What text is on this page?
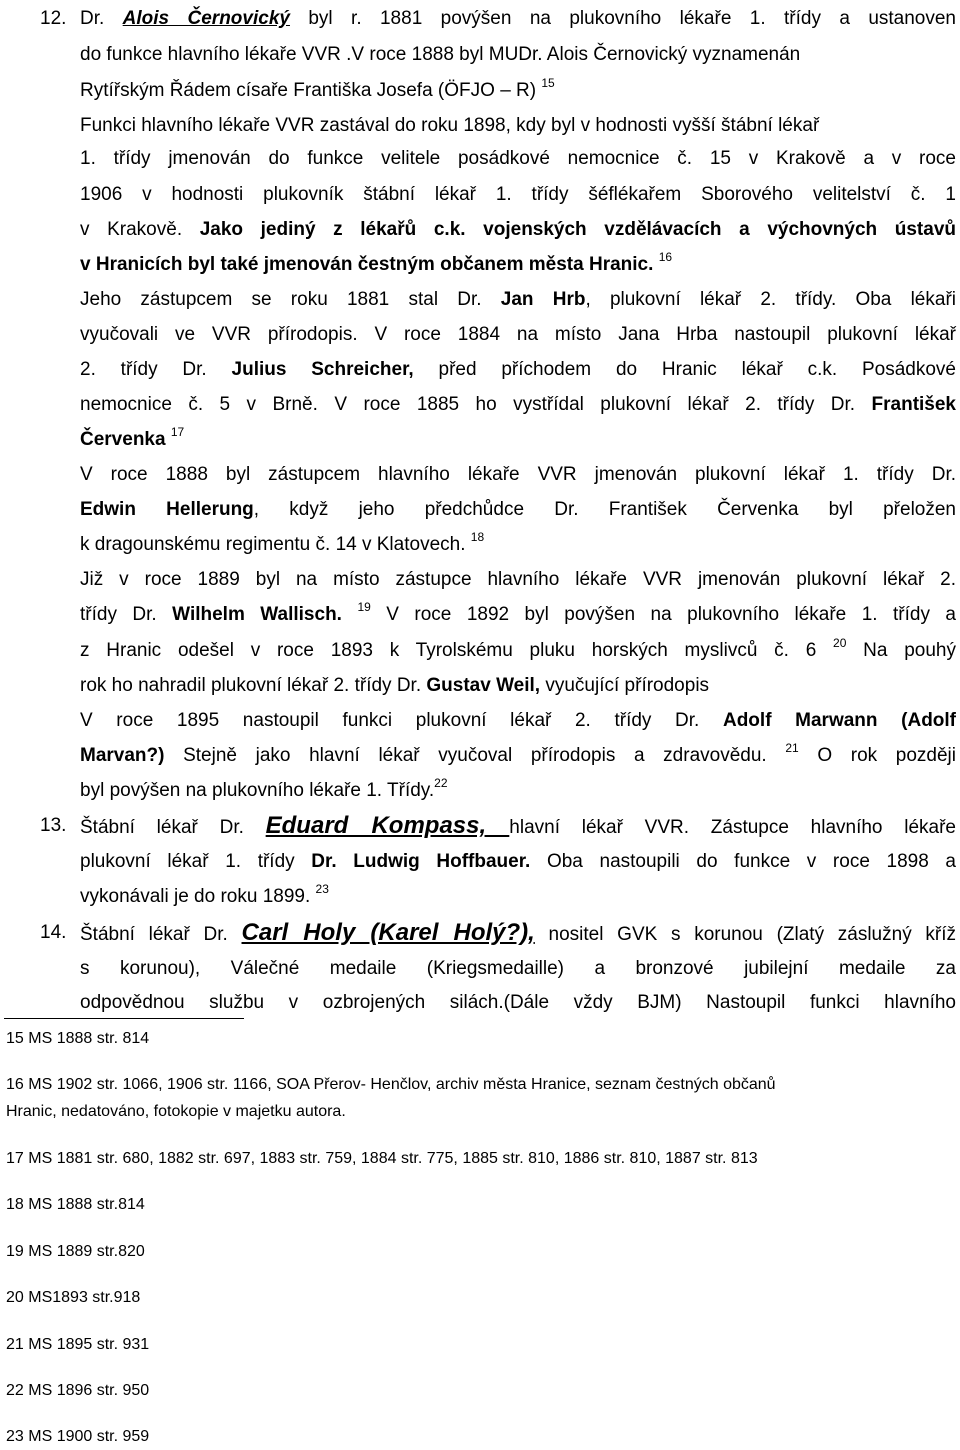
12. Dr. Alois Černovický byl r. 1881 povýšen na plukovního lékaře 1. třídy a ustanoven
do funkce hlavního lékaře VVR .V roce 1888 byl MUDr. Alois Černovický vyznamenán
Rytířským Řádem císaře Františka Josefa (ÖFJO – R) $^{15}$
Funkci hlavního lékaře VVR zastával do roku 1898, kdy byl v hodnosti vyšší štábní lékař
1. třídy jmenován do funkce velitele posádkové nemocnice č. 15 v Krakově a v roce
1906 v hodnosti plukovník štábní lékař 1. třídy šéflékařem Sborového velitelství č. 1
v Krakově. Jako jediný z lékařů c.k. vojenských vzdělávacích a výchovných ústavů
v Hranicích byl také jmenován čestným občanem města Hranic. $^{16}$
Jeho zástupcem se roku 1881 stal Dr. Jan Hrb, plukovní lékař 2. třídy. Oba lékaři
vyučovali ve VVR přírodopis. V roce 1884 na místo Jana Hrba nastoupil plukovní lékař
2. třídy Dr. Julius Schreicher, před příchodem do Hranic lékař c.k. Posádkové
nemocnice č. 5 v Brně. V roce 1885 ho vystřídal plukovní lékař 2. třídy Dr. František
Červenka $^{17}$
V roce 1888 byl zástupcem hlavního lékaře VVR jmenován plukovní lékař 1. třídy Dr.
Edwin Hellerung, když jeho předchůdce Dr. František Červenka byl přeložen
k dragounskému regimentu č. 14 v Klatovech. $^{18}$
Již v roce 1889 byl na místo zástupce hlavního lékaře VVR jmenován plukovní lékař 2.
třídy Dr. Wilhelm Wallisch. $^{19}$ V roce 1892 byl povýšen na plukovního lékaře 1. třídy a
z Hranic odešel v roce 1893 k Tyrolskému pluku horských myslivců č. 6 $^{20}$ Na pouhý
rok ho nahradil plukovní lékař 2. třídy Dr. Gustav Weil, vyučující přírodopis
V roce 1895 nastoupil funkci plukovní lékař 2. třídy Dr. Adolf Marwann (Adolf
Marvan?) Stejně jako hlavní lékař vyučoval přírodopis a zdravovědu. $^{21}$ O rok později
byl povýšen na plukovního lékaře 1. Třídy.$^{22}$
13. Štábní lékař Dr. Eduard Kompass, hlavní lékař VVR. Zástupce hlavního lékaře
plukovní lékař 1. třídy Dr. Ludwig Hoffbauer. Oba nastoupili do funkce v roce 1898 a
vykonávali je do roku 1899. $^{23}$
14. Štábní lékař Dr. Carl Holy (Karel Holý?), nositel GVK s korunou (Zlatý záslužný kříž
s korunou), Válečné medaile (Kriegsmedaille) a bronzové jubilejní medaile za
odpovědnou službu v ozbrojených silách.(Dále vždy BJM) Nastoupil funkci hlavního
15 MS 1888 str. 814
16 MS 1902 str. 1066, 1906 str. 1166, SOA Přerov- Henčlov, archiv města Hranice, seznam čestných občanů
Hranic, nedatováno, fotokopie v majetku autora.
17 MS 1881 str. 680, 1882 str. 697, 1883 str. 759, 1884 str. 775, 1885 str. 810, 1886 str. 810, 1887 str. 813
18 MS 1888 str.814
19 MS 1889 str.820
20 MS1893 str.918
21 MS 1895 str. 931
22 MS 1896 str. 950
23 MS 1900 str. 959
